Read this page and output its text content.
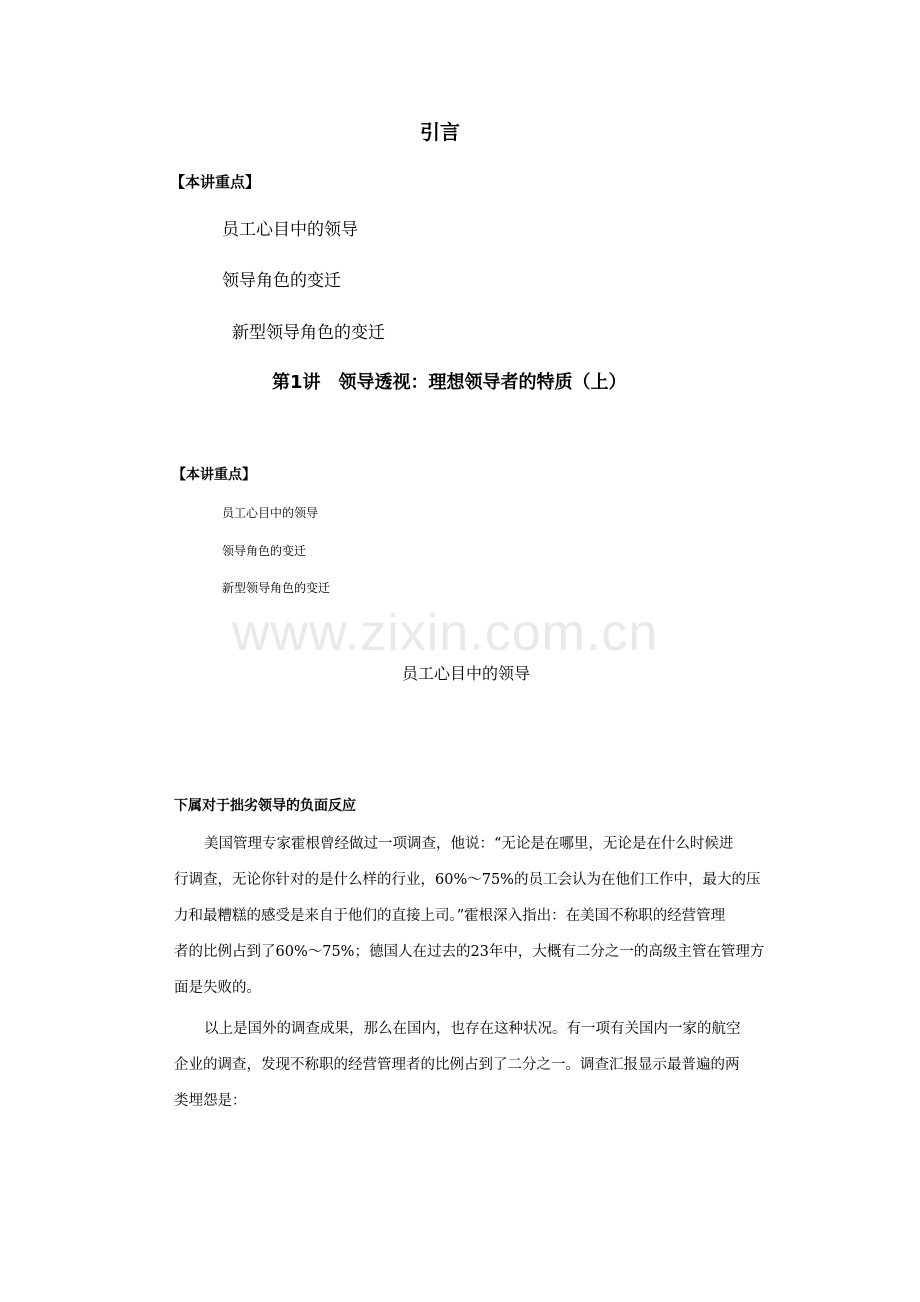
引言
【本讲重点】
员工心目中的领导
领导角色的变迁
新型领导角色的变迁
第1讲　领导透视：理想领导者的特质（上）
【本讲重点】
员工心目中的领导
领导角色的变迁
新型领导角色的变迁
www.zixin.com.cn
员工心目中的领导
下属对于拙劣领导的负面反应
美国管理专家霍根曾经做过一项调查，他说：“无论是在哪里，无论是在什么时候进
行调查，无论你针对的是什么样的行业，60%～75%的员工会认为在他们工作中，最大的压
力和最糟糕的感受是来自于他们的直接上司。”霍根深入指出：在美国不称职的经营管理
者的比例占到了60%～75%；德国人在过去的23年中，大概有二分之一的高级主管在管理方
面是失败的。
以上是国外的调查成果，那么在国内，也存在这种状况。有一项有关国内一家的航空
企业的调查，发现不称职的经营管理者的比例占到了二分之一。调查汇报显示最普遍的两
类埋怨是：
